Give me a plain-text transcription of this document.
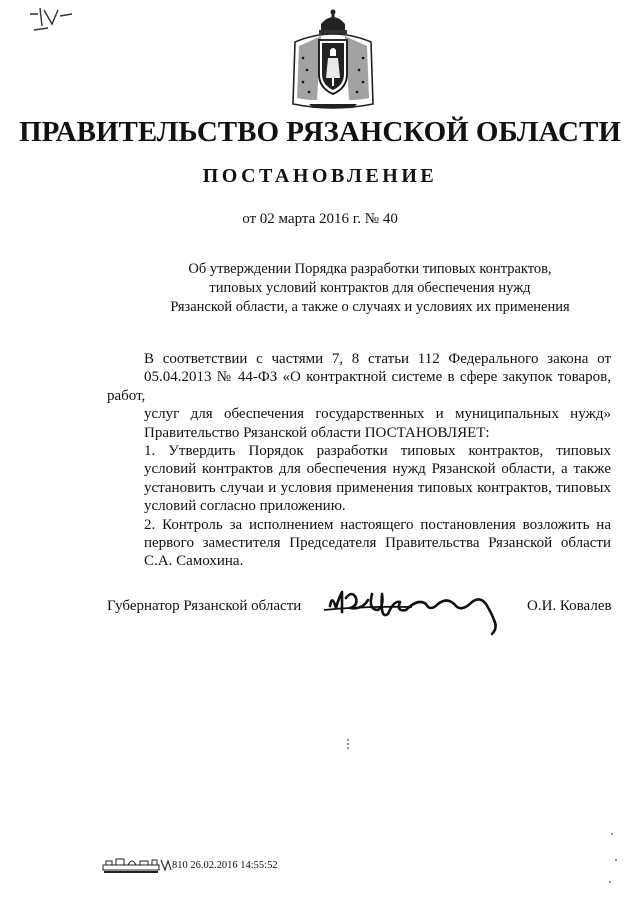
ПРАВИТЕЛЬСТВО РЯЗАНСКОЙ ОБЛАСТИ
ПОСТАНОВЛЕНИЕ
от 02 марта 2016 г. № 40
Об утверждении Порядка разработки типовых контрактов,
типовых условий контрактов для обеспечения нужд
Рязанской области, а также о случаях и условиях их применения
В соответствии с частями 7, 8 статьи 112 Федерального закона от
05.04.2013 № 44-ФЗ «О контрактной системе в сфере закупок товаров, работ,
услуг для обеспечения государственных и муниципальных нужд»
Правительство Рязанской области ПОСТАНОВЛЯЕТ:
1. Утвердить Порядок разработки типовых контрактов, типовых
условий контрактов для обеспечения нужд Рязанской области, а также
установить случаи и условия применения типовых контрактов, типовых
условий согласно приложению.
2. Контроль за исполнением настоящего постановления возложить на
первого заместителя Председателя Правительства Рязанской области
С.А. Самохина.
Губернатор Рязанской области	О.И. Ковалев
810 26.02.2016 14:55:52
